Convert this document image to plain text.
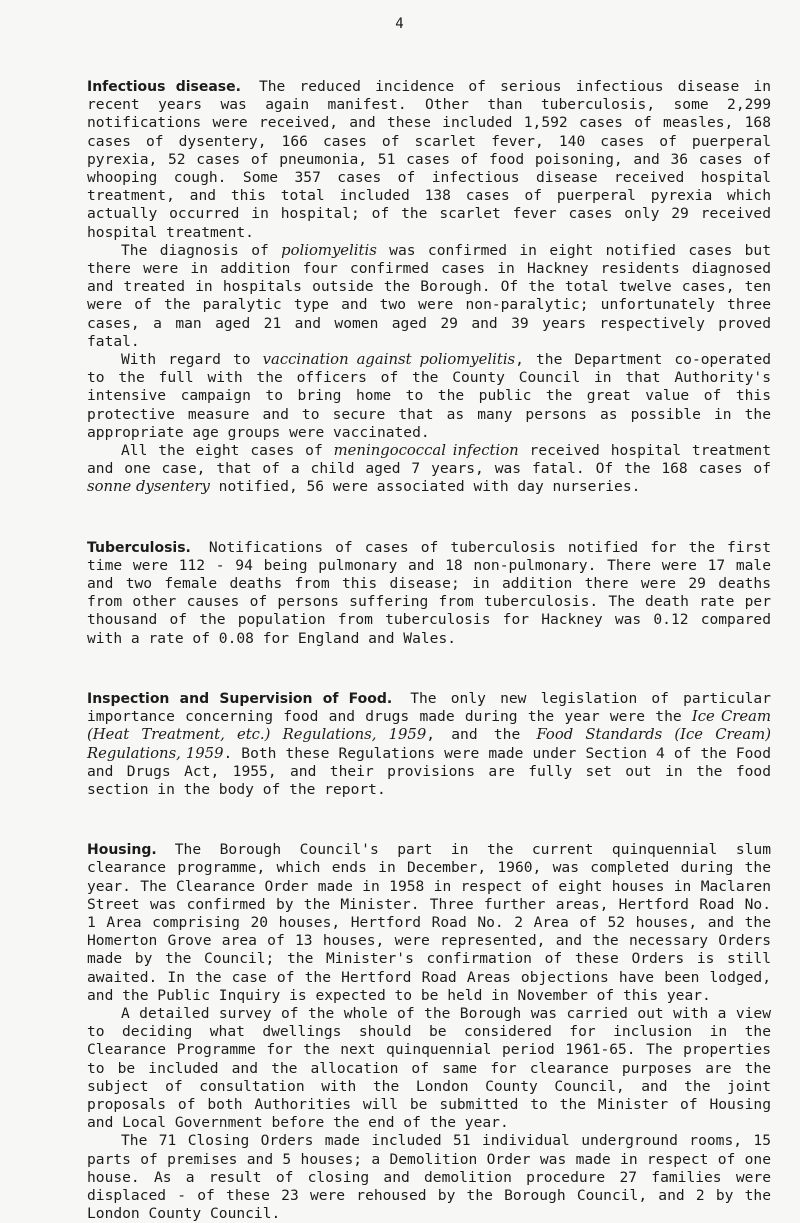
4

Infectious disease. The reduced incidence of serious infectious disease in recent years was again manifest. Other than tuberculosis, some 2,299 notifications were received, and these included 1,592 cases of measles, 168 cases of dysentery, 166 cases of scarlet fever, 140 cases of puerperal pyrexia, 52 cases of pneumonia, 51 cases of food poisoning, and 36 cases of whooping cough. Some 357 cases of infectious disease received hospital treatment, and this total included 138 cases of puerperal pyrexia which actually occurred in hospital; of the scarlet fever cases only 29 received hospital treatment.

The diagnosis of poliomyelitis was confirmed in eight notified cases but there were in addition four confirmed cases in Hackney residents diagnosed and treated in hospitals outside the Borough. Of the total twelve cases, ten were of the paralytic type and two were non-paralytic; unfortunately three cases, a man aged 21 and women aged 29 and 39 years respectively proved fatal.

With regard to vaccination against poliomyelitis, the Department co-operated to the full with the officers of the County Council in that Authority's intensive campaign to bring home to the public the great value of this protective measure and to secure that as many persons as possible in the appropriate age groups were vaccinated.

All the eight cases of meningococcal infection received hospital treatment and one case, that of a child aged 7 years, was fatal. Of the 168 cases of sonne dysentery notified, 56 were associated with day nurseries.

Tuberculosis. Notifications of cases of tuberculosis notified for the first time were 112 - 94 being pulmonary and 18 non-pulmonary. There were 17 male and two female deaths from this disease; in addition there were 29 deaths from other causes of persons suffering from tuberculosis. The death rate per thousand of the population from tuberculosis for Hackney was 0.12 compared with a rate of 0.08 for England and Wales.

Inspection and Supervision of Food. The only new legislation of particular importance concerning food and drugs made during the year were the Ice Cream (Heat Treatment, etc.) Regulations, 1959, and the Food Standards (Ice Cream) Regulations, 1959. Both these Regulations were made under Section 4 of the Food and Drugs Act, 1955, and their provisions are fully set out in the food section in the body of the report.

Housing. The Borough Council's part in the current quinquennial slum clearance programme, which ends in December, 1960, was completed during the year. The Clearance Order made in 1958 in respect of eight houses in Maclaren Street was confirmed by the Minister. Three further areas, Hertford Road No. 1 Area comprising 20 houses, Hertford Road No. 2 Area of 52 houses, and the Homerton Grove area of 13 houses, were represented, and the necessary Orders made by the Council; the Minister's confirmation of these Orders is still awaited. In the case of the Hertford Road Areas objections have been lodged, and the Public Inquiry is expected to be held in November of this year.

A detailed survey of the whole of the Borough was carried out with a view to deciding what dwellings should be considered for inclusion in the Clearance Programme for the next quinquennial period 1961-65. The properties to be included and the allocation of same for clearance purposes are the subject of consultation with the London County Council, and the joint proposals of both Authorities will be submitted to the Minister of Housing and Local Government before the end of the year.

The 71 Closing Orders made included 51 individual underground rooms, 15 parts of premises and 5 houses; a Demolition Order was made in respect of one house. As a result of closing and demolition procedure 27 families were displaced - of these 23 were rehoused by the Borough Council, and 2 by the London County Council.
